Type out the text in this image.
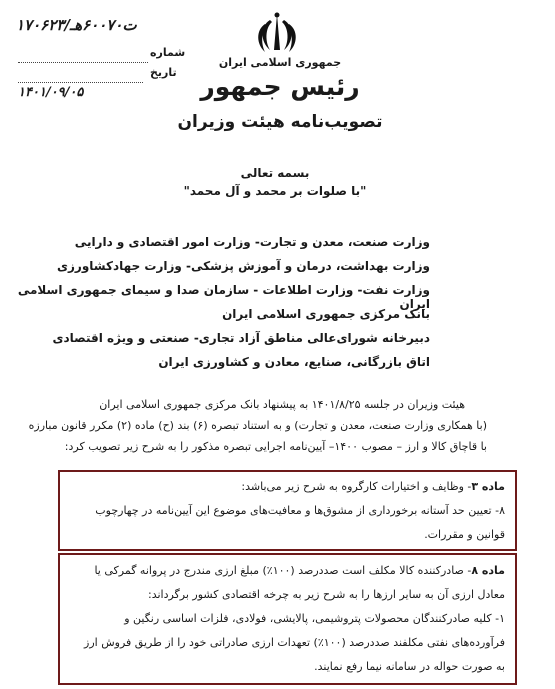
۱۷۰۶۲۳/ت۶۰۰۷۰هـ
شماره
تاریخ
۱۴۰۱/۰۹/۰۵
جمهوری اسلامی ایران
رئیس جمهور
تصویب‌نامه هیئت وزیران
بسمه تعالی
"با صلوات بر محمد و آل محمد"
وزارت صنعت، معدن و تجارت- وزارت امور اقتصادی و دارایی
وزارت بهداشت، درمان و آموزش پزشکی- وزارت جهادکشاورزی
وزارت نفت- وزارت اطلاعات - سازمان صدا و سیمای جمهوری اسلامی ایران
بانک مرکزی جمهوری اسلامی ایران
دبیرخانه شورای‌عالی مناطق آزاد تجاری- صنعتی و ویژه اقتصادی
اتاق بازرگانی، صنایع، معادن و کشاورزی ایران
هیئت وزیران در جلسه ۱۴۰۱/۸/۲۵ به پیشنهاد بانک مرکزی جمهوری اسلامی ایران
(با همکاری وزارت صنعت، معدن و تجارت) و به استناد تبصره (۶) بند (ح) ماده (۲) مکرر قانون مبارزه
با قاچاق کالا و ارز – مصوب ۱۴۰۰– آیین‌نامه اجرایی تبصره مذکور را به شرح زیر تصویب کرد:
ماده ۳- وظایف و اختیارات کارگروه به شرح زیر می‌باشد:
۸- تعیین حد آستانه برخورداری از مشوق‌ها و معافیت‌های موضوع این آیین‌نامه در چهارچوب
قوانین و مقررات.
ماده ۸- صادرکننده کالا مکلف است صددرصد (۱۰۰٪) مبلغ ارزی مندرج در پروانه گمرکی یا
معادل ارزی آن به سایر ارزها را به شرح زیر به چرخه اقتصادی کشور برگرداند:
۱- کلیه صادرکنندگان محصولات پتروشیمی، پالایشی، فولادی، فلزات اساسی رنگین و
فرآورده‌های نفتی مکلفند صددرصد (۱۰۰٪) تعهدات ارزی صادراتی خود را از طریق فروش ارز
به صورت حواله در سامانه نیما رفع نمایند.
